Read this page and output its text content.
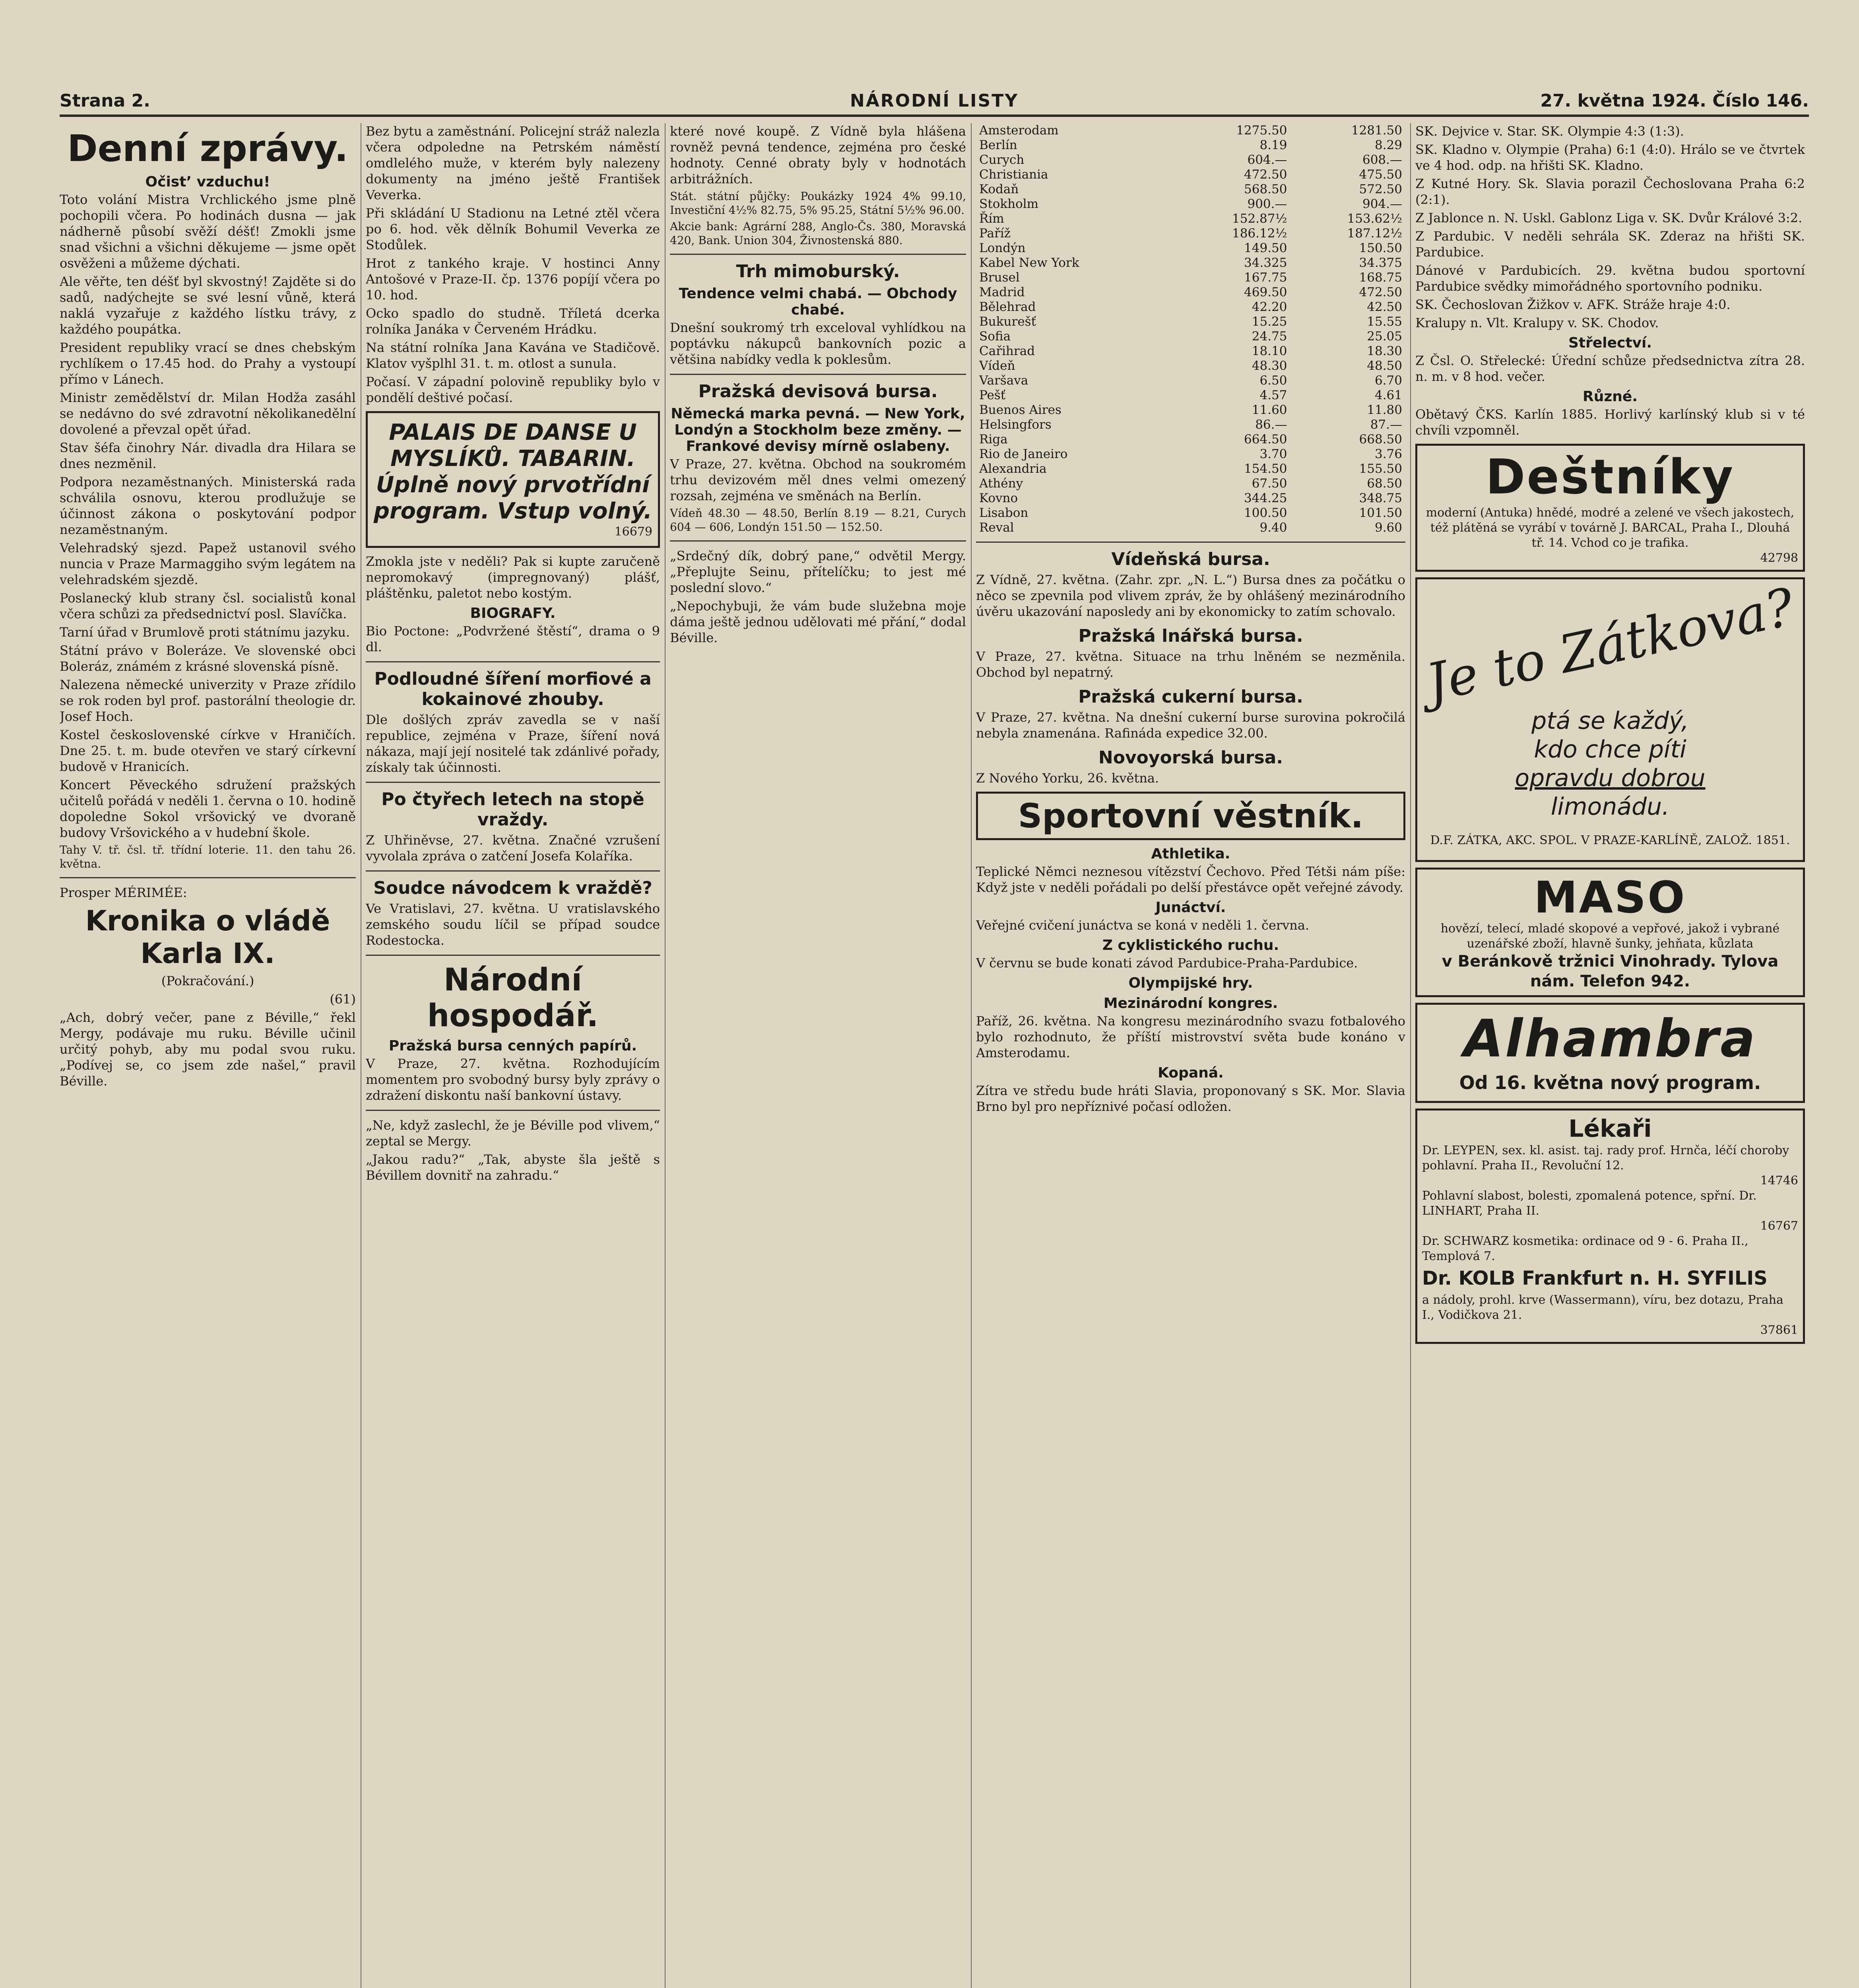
Strana 2.	NÁRODNÍ LISTY	27. května 1924. Číslo 146.
Denní zprávy.
Očistʼ vzduchu!

Toto volání Mistra Vrchlického jsme plně pochopili včera. Po hodinách dusna — jak nádherně působí svěží déšť! Zmokli jsme snad všichni a všichni děkujeme — jsme opět osvěženi a můžeme dýchati.

Ale věřte, ten déšť byl skvostný! Zajděte si do sadů, nadýchejte se své lesní vůně, která naklá vyzařuje z každého lístku trávy, z každého poupátka.

President republiky vrací se dnes chebským rychlíkem o 17.45 hod. do Prahy a vystoupí přímo v Lánech.

Ministr zemědělství dr. Milan Hodža zasáhl se nedávno do své zdravotní několikanedělní dovolené a převzal opět úřad.

Stav šéfa činohry Nár. divadla dra Hilara se dnes nezměnil.

Podpora nezaměstnaných. Ministerská rada schválila osnovu, kterou prodlužuje se účinnost zákona o poskytování podpor nezaměstnaným.

Velehradský sjezd. Papež ustanovil svého nuncia v Praze Marmaggiho svým legátem na velehradském sjezdě.

Poslanecký klub strany čsl. socialistů konal včera schůzi za předsednictví posl. Slavíčka.

Tarní úřad v Brumlově proti státnímu jazyku.

Státní právo v Boleráze. Ve slovenské obci Boleráz, známém z krásné slovenská písně.

Nalezena německé univerzity v Praze zřídilo se rok roden byl prof. pastorální theologie dr. Josef Hoch.

Kostel československé církve v Hraničích. Dne 25. t. m. bude otevřen ve starý církevní budově v Hranicích.

Koncert Pěveckého sdružení pražských učitelů pořádá v neděli 1. června o 10. hodině dopoledne Sokol vršovický ve dvoraně budovy Vršovického a v hudební škole.

Tahy V. tř. čsl. tř. třídní loterie. 11. den tahu 26. května.

Prosper MÉRIMÉE:

Kronika o vládě Karla IX.

(Pokračování.)

(61)

„Ach, dobrý večer, pane z Béville,“ řekl Mergy, podávaje mu ruku. Béville učinil určitý pohyb, aby mu podal svou ruku. „Podívej se, co jsem zde našel,“ pravil Béville.

Bez bytu a zaměstnání. Policejní stráž nalezla včera odpoledne na Petrském náměstí omdlelého muže, v kterém byly nalezeny dokumenty na jméno ještě František Veverka.

Při skládání U Stadionu na Letné ztěl včera po 6. hod. věk dělník Bohumil Veverka ze Stodůlek.

Hrot z tankého kraje. V hostinci Anny Antošové v Praze-II. čp. 1376 popíjí včera po 10. hod.

Ocko spadlo do studně. Tříletá dcerka rolníka Janáka v Červeném Hrádku.

Na státní rolníka Jana Kavána ve Stadičově. Klatov vyšplhl 31. t. m. otlost a sunula.

Počasí. V západní polovině republiky bylo v pondělí deštivé počasí.

PALAIS DE DANSE U MYSLÍKŮ. TABARIN. Úplně nový prvotřídní program. Vstup volný.
16679

Zmokla jste v neděli? Pak si kupte zaručeně nepromokavý (impregnovaný) plášť, pláštěnku, paletot nebo kostým.

BIOGRAFY.

Bio Poctone: „Podvržené štěstí“, drama o 9 dl.

Podloudné šíření morfiové a kokainové zhouby.

Dle došlých zpráv zavedla se v naší republice, zejména v Praze, šíření nová nákaza, mají její nositelé tak zdánlivé pořady, získaly tak účinnosti.

Po čtyřech letech na stopě vraždy.

Z Uhřiněvse, 27. května. Značné vzrušení vyvolala zpráva o zatčení Josefa Kolaříka.

Soudce návodcem k vraždě?

Ve Vratislavi, 27. května. U vratislavského zemského soudu líčil se případ soudce Rodestocka.

Národní hospodář.
Pražská bursa cenných papírů.

V Praze, 27. května. Rozhodujícím momentem pro svobodný bursy byly zprávy o zdražení diskontu naší bankovní ústavy.

„Ne, když zaslechl, že je Béville pod vlivem,“ zeptal se Mergy.

„Jakou radu?“ „Tak, abyste šla ještě s Bévillem dovnitř na zahradu.“

které nové koupě. Z Vídně byla hlášena rovněž pevná tendence, zejména pro české hodnoty. Cenné obraty byly v hodnotách arbitrážních.

Stát. státní půjčky: Poukázky 1924 4% 99.10, Investiční 4½% 82.75, 5% 95.25, Státní 5½% 96.00.

Akcie bank: Agrární 288, Anglo-Čs. 380, Moravská 420, Bank. Union 304, Živnostenská 880.

Trh mimoburský.
Tendence velmi chabá. — Obchody chabé.

Dnešní soukromý trh exceloval vyhlídkou na poptávku nákupců bankovních pozic a většina nabídky vedla k poklesům.

Pražská devisová bursa.
Německá marka pevná. — New York, Londýn a Stockholm beze změny. — Frankové devisy mírně oslabeny.

V Praze, 27. května. Obchod na soukromém trhu devizovém měl dnes velmi omezený rozsah, zejména ve směnách na Berlín.

Vídeň 48.30 — 48.50, Berlín 8.19 — 8.21, Curych 604 — 606, Londýn 151.50 — 152.50.

„Srdečný dík, dobrý pane,“ odvětil Mergy. „Přeplujte Seinu, přítelíčku; to jest mé poslední slovo.“

„Nepochybuji, že vám bude služebna moje dáma ještě jednou udělovati mé přání,“ dodal Béville.

Amsterodam	1275.50	1281.50
Berlín	8.19	8.29
Curych	604.—	608.—
Christiania	472.50	475.50
Kodaň	568.50	572.50
Stokholm	900.—	904.—
Řím	152.87½	153.62½
Paříž	186.12½	187.12½
Londýn	149.50	150.50
Kabel New York	34.325	34.375
Brusel	167.75	168.75
Madrid	469.50	472.50
Bělehrad	42.20	42.50
Bukurešť	15.25	15.55
Sofia	24.75	25.05
Cařihrad	18.10	18.30
Vídeň	48.30	48.50
Varšava	6.50	6.70
Pešť	4.57	4.61
Buenos Aires	11.60	11.80
Helsingfors	86.—	87.—
Riga	664.50	668.50
Rio de Janeiro	3.70	3.76
Alexandria	154.50	155.50
Athény	67.50	68.50
Kovno	344.25	348.75
Lisabon	100.50	101.50
Reval	9.40	9.60
Vídeňská bursa.

Z Vídně, 27. května. (Zahr. zpr. „N. L.“) Bursa dnes za počátku o něco se zpevnila pod vlivem zpráv, že by ohlášený mezinárodního úvěru ukazování naposledy ani by ekonomicky to zatím schovalo.

Pražská lnářská bursa.

V Praze, 27. května. Situace na trhu lněném se nezměnila. Obchod byl nepatrný.

Pražská cukerní bursa.

V Praze, 27. května. Na dnešní cukerní burse surovina pokročilá nebyla znamenána. Rafináda expedice 32.00.

Novoyorská bursa.

Z Nového Yorku, 26. května.

Sportovní věstník.
Athletika.

Teplické Němci neznesou vítězství Čechovo. Před Tétši nám píše: Když jste v neděli pořádali po delší přestávce opět veřejné závody.

Junáctví.

Veřejné cvičení junáctva se koná v neděli 1. června.

Z cyklistického ruchu.

V červnu se bude konati závod Pardubice-Praha-Pardubice.

Olympijské hry.
Mezinárodní kongres.

Paříž, 26. května. Na kongresu mezinárodního svazu fotbalového bylo rozhodnuto, že příští mistrovství světa bude konáno v Amsterodamu.

Kopaná.

Zítra ve středu bude hráti Slavia, proponovaný s SK. Mor. Slavia Brno byl pro nepříznivé počasí odložen.

SK. Dejvice v. Star. SK. Olympie 4:3 (1:3).

SK. Kladno v. Olympie (Praha) 6:1 (4:0). Hrálo se ve čtvrtek ve 4 hod. odp. na hřišti SK. Kladno.

Z Kutné Hory. Sk. Slavia porazil Čechoslovana Praha 6:2 (2:1).

Z Jablonce n. N. Uskl. Gablonz Liga v. SK. Dvůr Králové 3:2.

Z Pardubic. V neděli sehrála SK. Zderaz na hřišti SK. Pardubice.

Dánové v Pardubicích. 29. května budou sportovní Pardubice svědky mimořádného sportovního podniku.

SK. Čechoslovan Žižkov v. AFK. Stráže hraje 4:0.

Kralupy n. Vlt. Kralupy v. SK. Chodov.

Střelectví.

Z Čsl. O. Střelecké: Úřední schůze předsednictva zítra 28. n. m. v 8 hod. večer.

Různé.

Obětavý ČKS. Karlín 1885. Horlivý karlínský klub si v té chvíli vzpomněl.

Deštníky
moderní (Antuka) hnědé, modré a zelené ve všech jakostech, též plátěná se vyrábí v továrně J. BARCAL, Praha I., Dlouhá tř. 14. Vchod co je trafika.
42798
Je to Zátkova?
ptá se každý,
kdo chce píti
opravdu dobrou
limonádu.
D.F. ZÁTKA, AKC. SPOL. V PRAZE-KARLÍNĚ, ZALOŽ. 1851.
MASO
hovězí, telecí, mladé skopové a vepřové, jakož i vybrané uzenářské zboží, hlavně šunky, jehňata, kůzlata
v Beránkově tržnici Vinohrady. Tylova nám. Telefon 942.
Alhambra
Od 16. května nový program.
Lékaři
Dr. LEYPEN, sex. kl. asist. taj. rady prof. Hrnča, léčí choroby pohlavní. Praha II., Revoluční 12.
14746
Pohlavní slabost, bolesti, zpomalená potence, spřní. Dr. LINHART, Praha II.
16767
Dr. SCHWARZ kosmetika: ordinace od 9 - 6. Praha II., Templová 7.
Dr. KOLB Frankfurt n. H. SYFILIS
a nádoly, prohl. krve (Wassermann), víru, bez dotazu, Praha I., Vodičkova 21.
37861
